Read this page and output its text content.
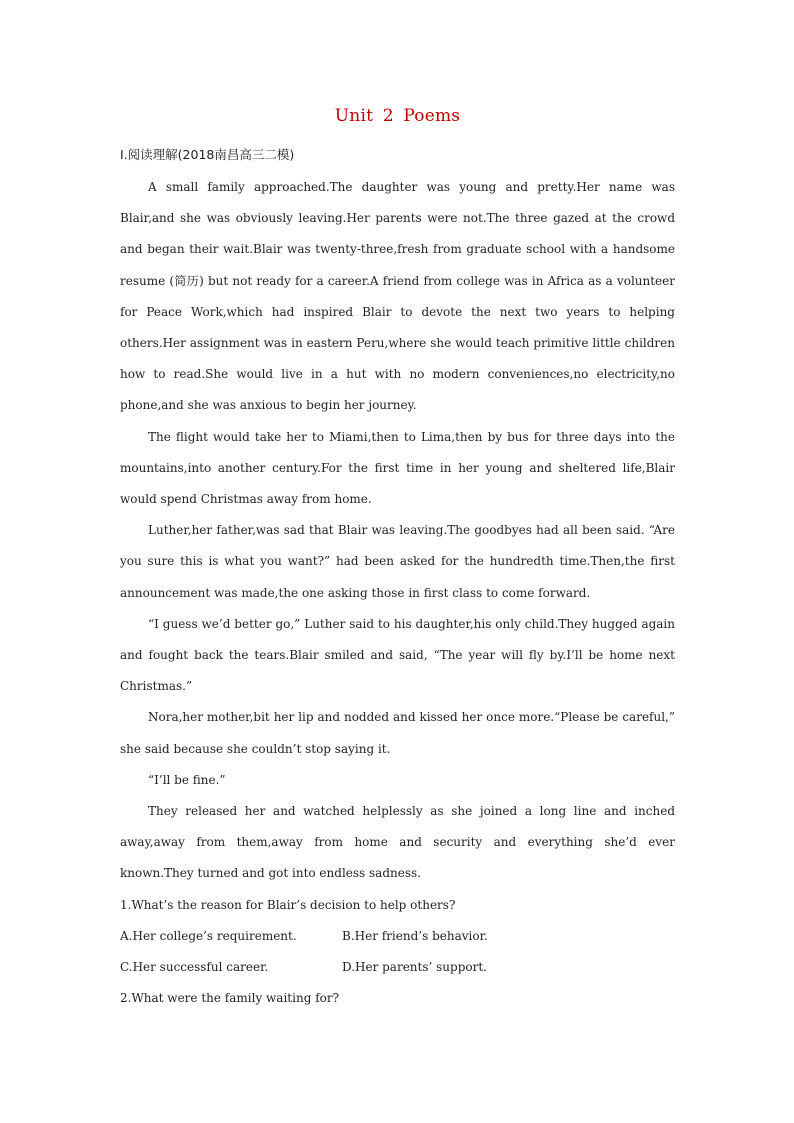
Unit 2 Poems

Ⅰ.阅读理解(2018南昌高三二模)

A small family approached.The daughter was young and pretty.Her name was Blair,and she was obviously leaving.Her parents were not.The three gazed at the crowd and began their wait.Blair was twenty-three,fresh from graduate school with a handsome resume (简历) but not ready for a career.A friend from college was in Africa as a volunteer for Peace Work,which had inspired Blair to devote the next two years to helping others.Her assignment was in eastern Peru,where she would teach primitive little children how to read.She would live in a hut with no modern conveniences,no electricity,no phone,and she was anxious to begin her journey.

The flight would take her to Miami,then to Lima,then by bus for three days into the mountains,into another century.For the first time in her young and sheltered life,Blair would spend Christmas away from home.

Luther,her father,was sad that Blair was leaving.The goodbyes had all been said. “Are you sure this is what you want?” had been asked for the hundredth time.Then,the first announcement was made,the one asking those in first class to come forward.

“I guess we’d better go,” Luther said to his daughter,his only child.They hugged again and fought back the tears.Blair smiled and said, “The year will fly by.I’ll be home next Christmas.”

Nora,her mother,bit her lip and nodded and kissed her once more.“Please be careful,” she said because she couldn’t stop saying it.

“I’ll be fine.”

They released her and watched helplessly as she joined a long line and inched away,away from them,away from home and security and everything she’d ever known.They turned and got into endless sadness.

1.What’s the reason for Blair’s decision to help others?

A.Her college’s requirement.	B.Her friend’s behavior.
C.Her successful career.	D.Her parents’ support.

2.What were the family waiting for?
